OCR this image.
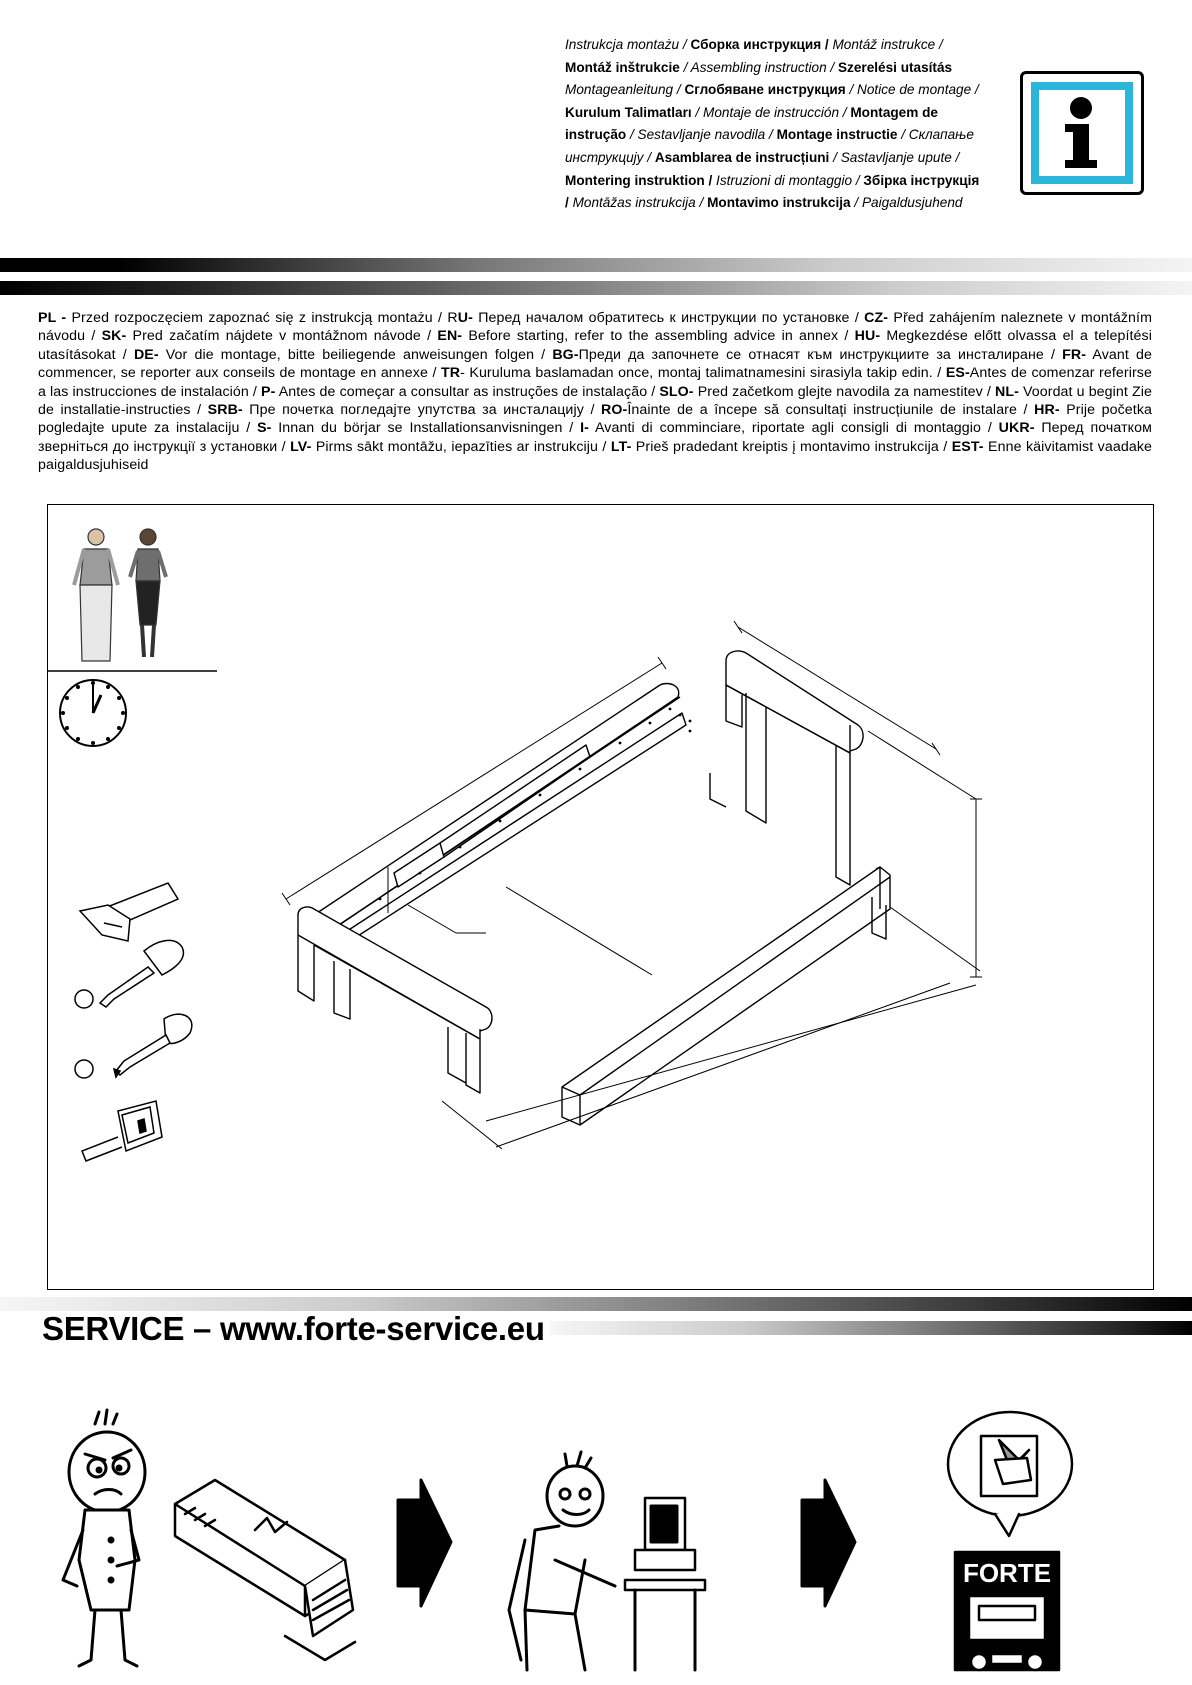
Instrukcja montażu / Сборка инструкция / Montáž instrukce / Montáž inštrukcie / Assembling instruction / Szerelési utasítás Montageanleitung / Сглобяване инструкция / Notice de montage / Kurulum Talimatları / Montaje de instrucción / Montagem de instrução / Sestavljanje navodila / Montage instructie / Склапање инструкцију / Asamblarea de instrucțiuni / Sastavljanje upute / Montering instruktion / Istruzioni di montaggio / Збірка інструкція / Montāžas instrukcija / Montavimo instrukcija / Paigaldusjuhend
PL - Przed rozpoczęciem zapoznać się z instrukcją montażu / RU- Перед началом обратитесь к инструкции по установке / CZ- Před zahájením naleznete v montážním návodu / SK- Pred začatím nájdete v montážnom návode / EN- Before starting, refer to the assembling advice in annex / HU- Megkezdése előtt olvassa el a telepítési utasításokat / DE- Vor die montage, bitte beiliegende anweisungen folgen / BG-Преди да започнете се отнасят към инструкциите за инсталиране / FR- Avant de commencer, se reporter aux conseils de montage en annexe / TR- Kuruluma baslamadan once, montaj talimatnamesini sirasiyla takip edin. / ES-Antes de comenzar referirse a las instrucciones de instalación / P- Antes de começar a consultar as instruções de instalação / SLO- Pred začetkom glejte navodila za namestitev / NL- Voordat u begint Zie de installatie-instructies / SRB- Пре почетка погледајте упутства за инсталацију / RO-Înainte de a începe să consultați instrucțiunile de instalare / HR- Prije početka pogledajte upute za instalaciju / S- Innan du börjar se Installationsanvisningen / I- Avanti di comminciare, riportate agli consigli di montaggio / UKR- Перед початком зверніться до інструкції з установки / LV- Pirms sākt montāžu, iepazīties ar instrukciju / LT- Prieš pradedant kreiptis į montavimo instrukcija / EST- Enne käivitamist vaadake paigaldusjuhiseid
SERVICE – www.forte-service.eu
FORTE
